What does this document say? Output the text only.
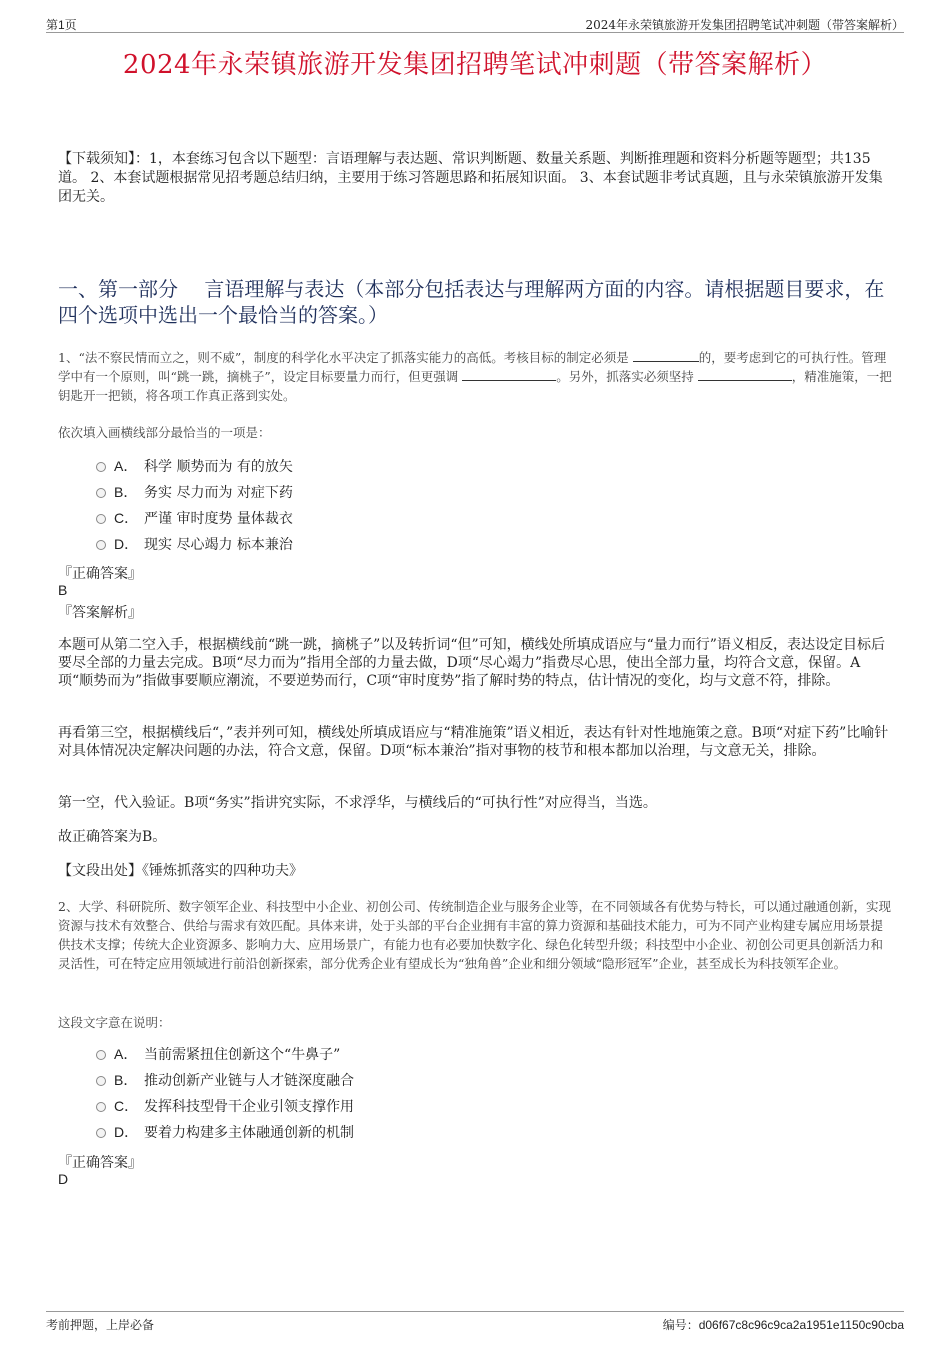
第1页	2024年永荣镇旅游开发集团招聘笔试冲刺题（带答案解析）
2024年永荣镇旅游开发集团招聘笔试冲刺题（带答案解析）
【下载须知】：1，本套练习包含以下题型：言语理解与表达题、常识判断题、数量关系题、判断推理题和资料分析题等题型；共135道。 2、本套试题根据常见招考题总结归纳，主要用于练习答题思路和拓展知识面。 3、本套试题非考试真题，且与永荣镇旅游开发集团无关。
一、第一部分　 言语理解与表达（本部分包括表达与理解两方面的内容。请根据题目要求，在四个选项中选出一个最恰当的答案。）
1、“法不察民情而立之，则不威”，制度的科学化水平决定了抓落实能力的高低。考核目标的制定必须是	的，要考虑到它的可执行性。管理学中有一个原则，叫“跳一跳，摘桃子”，设定目标要量力而行，但更强调	。另外，抓落实必须坚持	，精准施策，一把钥匙开一把锁，将各项工作真正落到实处。
依次填入画横线部分最恰当的一项是：
A． 科学 顺势而为 有的放矢
B． 务实 尽力而为 对症下药
C． 严谨 审时度势 量体裁衣
D． 现实 尽心竭力 标本兼治
『正确答案』
B
『答案解析』
本题可从第二空入手，根据横线前“跳一跳，摘桃子”以及转折词“但”可知，横线处所填成语应与“量力而行”语义相反，表达设定目标后要尽全部的力量去完成。B项“尽力而为”指用全部的力量去做，D项“尽心竭力”指费尽心思，使出全部力量，均符合文意，保留。A项“顺势而为”指做事要顺应潮流，不要逆势而行，C项“审时度势”指了解时势的特点，估计情况的变化，均与文意不符，排除。
再看第三空，根据横线后“，”表并列可知，横线处所填成语应与“精准施策”语义相近，表达有针对性地施策之意。B项“对症下药”比喻针对具体情况决定解决问题的办法，符合文意，保留。D项“标本兼治”指对事物的枝节和根本都加以治理，与文意无关，排除。
第一空，代入验证。B项“务实”指讲究实际，不求浮华，与横线后的“可执行性”对应得当，当选。
故正确答案为B。
【文段出处】《锤炼抓落实的四种功夫》
2、大学、科研院所、数字领军企业、科技型中小企业、初创公司、传统制造企业与服务企业等，在不同领域各有优势与特长，可以通过融通创新，实现资源与技术有效整合、供给与需求有效匹配。具体来讲，处于头部的平台企业拥有丰富的算力资源和基础技术能力，可为不同产业构建专属应用场景提供技术支撑；传统大企业资源多、影响力大、应用场景广，有能力也有必要加快数字化、绿色化转型升级；科技型中小企业、初创公司更具创新活力和灵活性，可在特定应用领域进行前沿创新探索，部分优秀企业有望成长为“独角兽”企业和细分领域“隐形冠军”企业，甚至成长为科技领军企业。
这段文字意在说明：
A． 当前需紧扭住创新这个“牛鼻子”
B． 推动创新产业链与人才链深度融合
C． 发挥科技型骨干企业引领支撑作用
D． 要着力构建多主体融通创新的机制
『正确答案』
D
考前押题，上岸必备	编号：d06f67c8c96c9ca2a1951e1150c90cba
